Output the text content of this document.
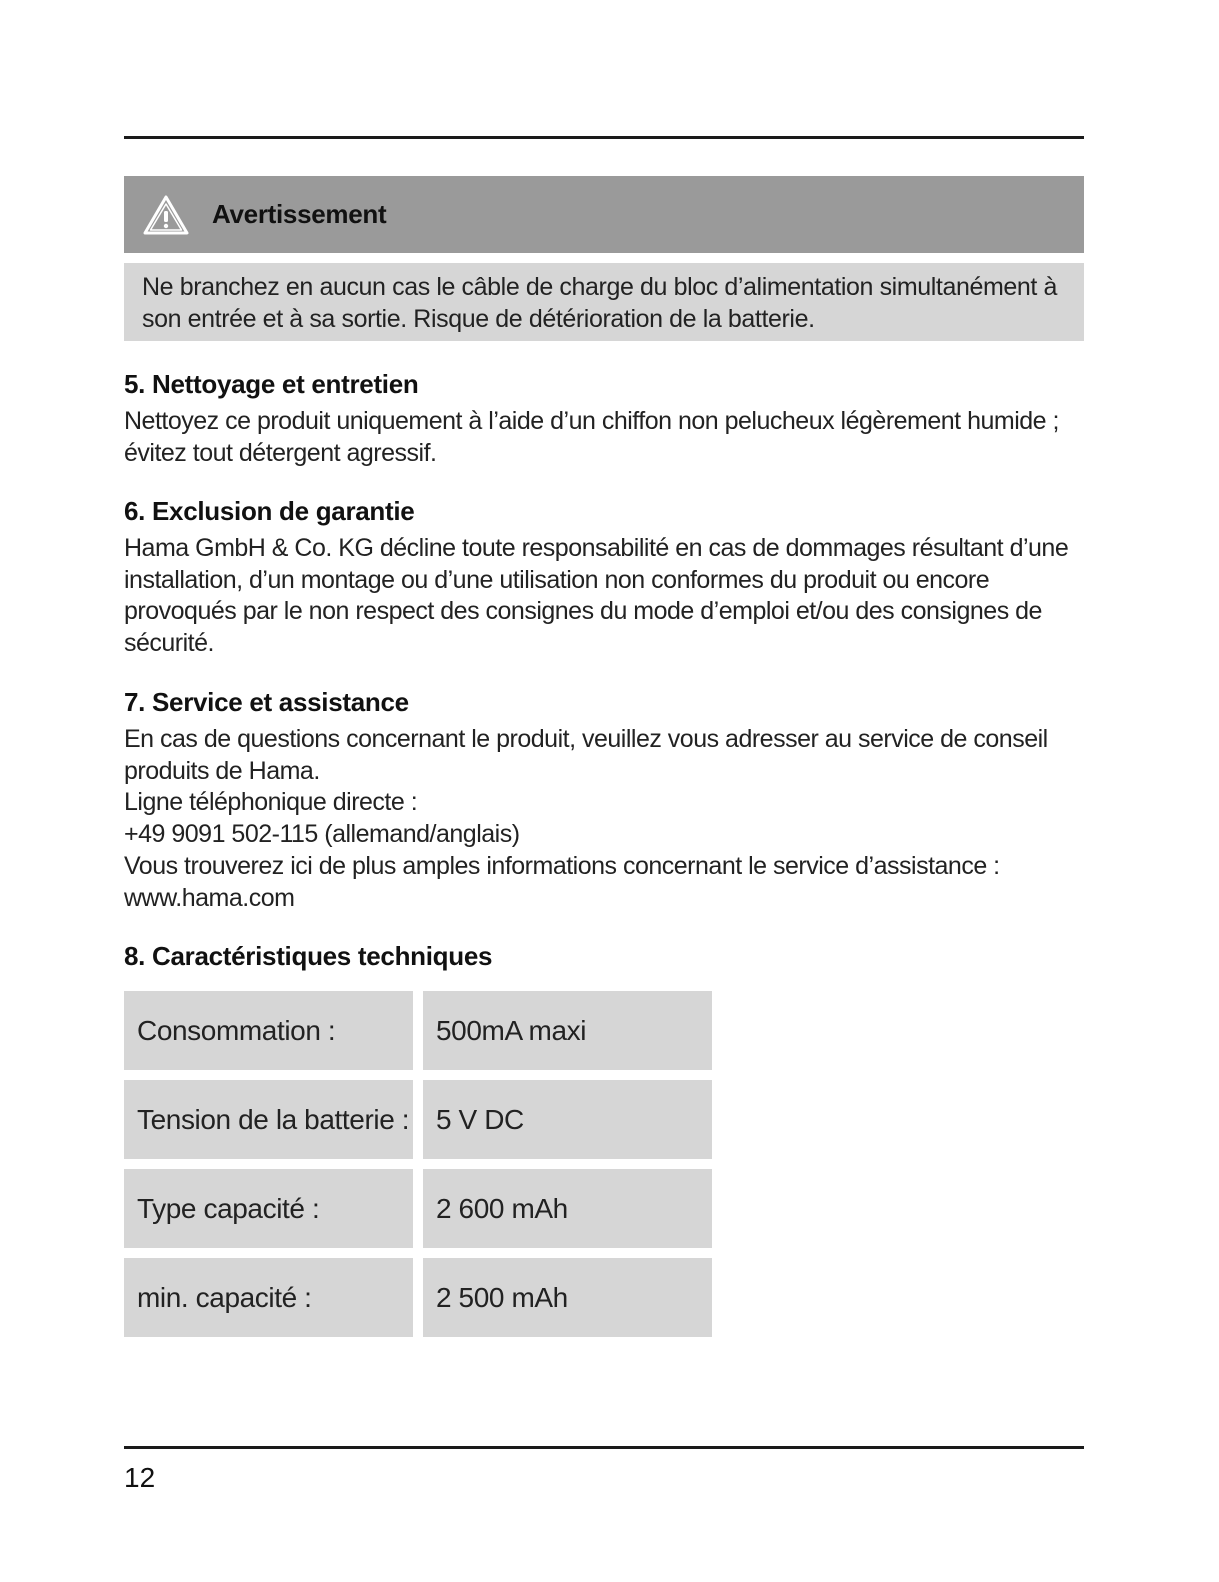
Avertissement
Ne branchez en aucun cas le câble de charge du bloc d’alimentation simultanément à son entrée et à sa sortie. Risque de détérioration de la batterie.
5. Nettoyage et entretien

Nettoyez ce produit uniquement à l’aide d’un chiffon non pelucheux légèrement humide ; évitez tout détergent agressif.

6. Exclusion de garantie

Hama GmbH & Co. KG décline toute responsabilité en cas de dommages résultant d’une installation, d’un montage ou d’une utilisation non conformes du produit ou encore provoqués par le non respect des consignes du mode d’emploi et/ou des consignes de sécurité.

7. Service et assistance

En cas de questions concernant le produit, veuillez vous adresser au service de conseil produits de Hama.
Ligne téléphonique directe :
+49 9091 502-115 (allemand/anglais)
Vous trouverez ici de plus amples informations concernant le service d’assistance :
www.hama.com

8. Caractéristiques techniques
Consommation :	500mA maxi
Tension de la batterie : 5 V DC
Type capacité :	2 600 mAh
min. capacité :	2 500 mAh
12
